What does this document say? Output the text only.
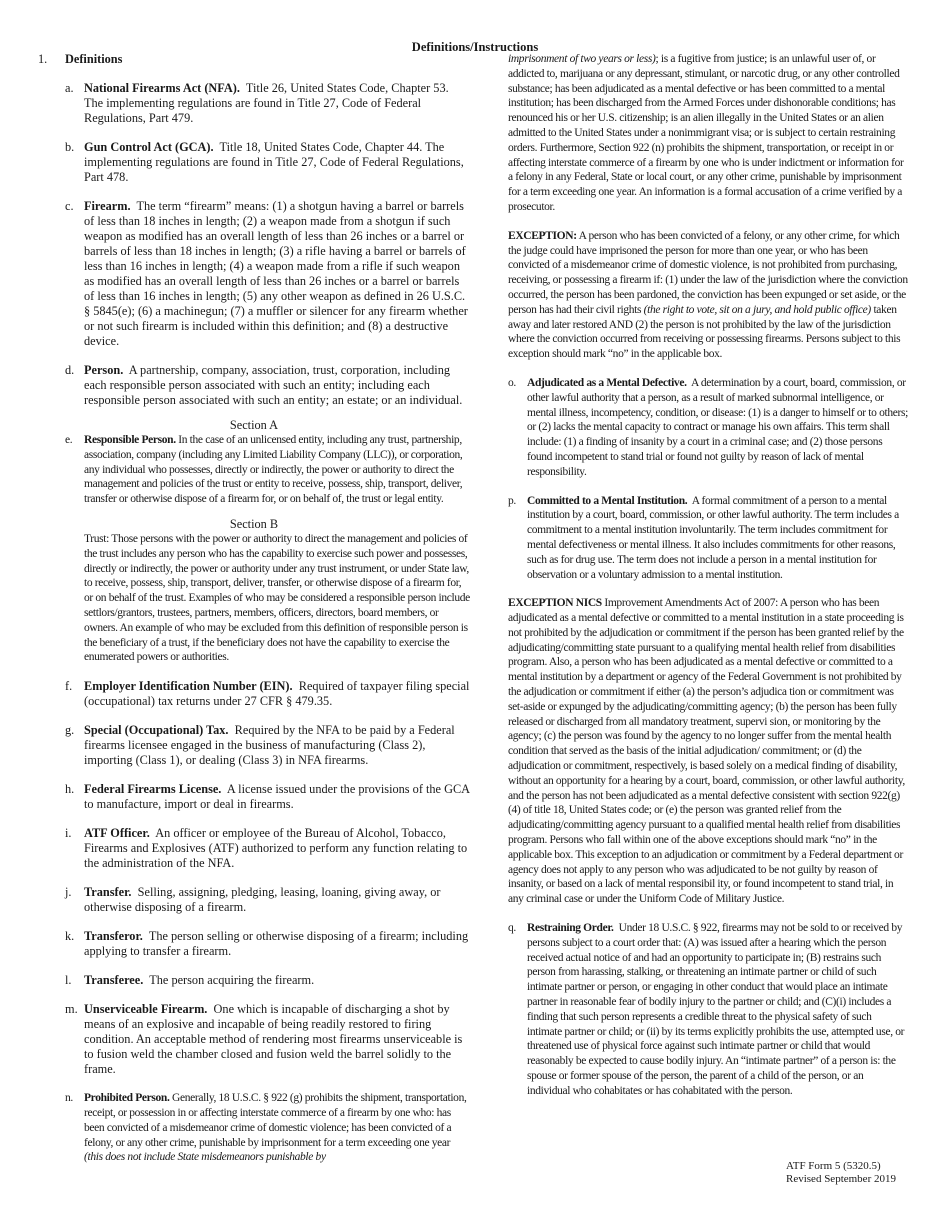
Definitions/Instructions
1.	Definitions
a. National Firearms Act (NFA). Title 26, United States Code, Chapter 53. The implementing regulations are found in Title 27, Code of Federal Regulations, Part 479.
b. Gun Control Act (GCA). Title 18, United States Code, Chapter 44. The implementing regulations are found in Title 27, Code of Federal Regulations, Part 478.
c. Firearm. The term “firearm” means: (1) a shotgun having a barrel or barrels of less than 18 inches in length; (2) a weapon made from a shotgun if such weapon as modified has an overall length of less than 26 inches or a barrel or barrels of less than 18 inches in length; (3) a rifle having a barrel or barrels of less than 16 inches in length; (4) a weapon made from a rifle if such weapon as modified has an overall length of less than 26 inches or a barrel or barrels of less than 16 inches in length; (5) any other weapon as defined in 26 U.S.C. § 5845(e); (6) a machinegun; (7) a muffler or silencer for any firearm whether or not such firearm is included within this definition; and (8) a destructive device.
d. Person. A partnership, company, association, trust, corporation, including each responsible person associated with such an entity; including each responsible person associated with such an entity; an estate; or an individual.

Section A

e.	Responsible Person. In the case of an unlicensed entity, including any trust, partnership, association, company (including any Limited Liability Company (LLC)), or corporation, any individual who possesses, directly or indirectly, the power or authority to direct the management and policies of the trust or entity to receive, possess, ship, transport, deliver, transfer or otherwise dispose of a firearm for, or on behalf of, the trust or legal entity.

Section B

Trust: Those persons with the power or authority to direct the management and policies of the trust includes any person who has the capability to exercise such power and possesses, directly or indirectly, the power or authority under any trust instrument, or under State law, to receive, possess, ship, transport, deliver, transfer, or otherwise dispose of a firearm for, or on behalf of the trust. Examples of who may be considered a responsible person include settlors/grantors, trustees, partners, members, officers, directors, board members, or owners. An example of who may be excluded from this definition of responsible person is the beneficiary of a trust, if the beneficiary does not have the capability to exercise the enumerated powers or authorities.
f. Employer Identification Number (EIN). Required of taxpayer filing special (occupational) tax returns under 27 CFR § 479.35.
g. Special (Occupational) Tax. Required by the NFA to be paid by a Federal firearms licensee engaged in the business of manufacturing (Class 2), importing (Class 1), or dealing (Class 3) in NFA firearms.
h. Federal Firearms License. A license issued under the provisions of the GCA to manufacture, import or deal in firearms.
i.	ATF Officer. An officer or employee of the Bureau of Alcohol, Tobacco, Firearms and Explosives (ATF) authorized to perform any function relating to the administration of the NFA.
j.	Transfer. Selling, assigning, pledging, leasing, loaning, giving away, or otherwise disposing of a firearm.
k. Transferor. The person selling or otherwise disposing of a firearm; including applying to transfer a firearm.
l.	Transferee. The person acquiring the firearm.
m. Unserviceable Firearm. One which is incapable of discharging a shot by means of an explosive and incapable of being readily restored to firing condition. An acceptable method of rendering most firearms unserviceable is to fusion weld the chamber closed and fusion weld the barrel solidly to the frame.
n. Prohibited Person. Generally, 18 U.S.C. § 922 (g) prohibits the shipment, transportation, receipt, or possession in or affecting interstate commerce of a firearm by one who: has been convicted of a misdemeanor crime of domestic violence; has been convicted of a felony, or any other crime, punishable by imprisonment for a term exceeding one year (this does not include State misdemeanors punishable by
imprisonment of two years or less); is a fugitive from justice; is an unlawful user of, or addicted to, marijuana or any depressant, stimulant, or narcotic drug, or any other controlled substance; has been adjudicated as a mental defective or has been committed to a mental institution; has been discharged from the Armed Forces under dishonorable conditions; has renounced his or her U.S. citizenship; is an alien illegally in the United States or an alien admitted to the United States under a nonimmigrant visa; or is subject to certain restraining orders. Furthermore, Section 922 (n) prohibits the shipment, transportation, or receipt in or affecting interstate commerce of a firearm by one who is under indictment or information for a felony in any Federal, State or local court, or any other crime, punishable by imprisonment for a term exceeding one year. An information is a formal accusation of a crime verified by a prosecutor.
EXCEPTION: A person who has been convicted of a felony, or any other crime, for which the judge could have imprisoned the person for more than one year, or who has been convicted of a misdemeanor crime of domestic violence, is not prohibited from purchasing, receiving, or possessing a firearm if: (1) under the law of the jurisdiction where the conviction occurred, the person has been pardoned, the conviction has been expunged or set aside, or the person has had their civil rights (the right to vote, sit on a jury, and hold public office) taken away and later restored AND (2) the person is not prohibited by the law of the jurisdiction where the conviction occurred from receiving or possessing firearms. Persons subject to this exception should mark “no” in the applicable box.
o. Adjudicated as a Mental Defective. A determination by a court, board, commission, or other lawful authority that a person, as a result of marked subnormal intelligence, or mental illness, incompetency, condition, or disease: (1) is a danger to himself or to others; or (2) lacks the mental capacity to contract or manage his own affairs. This term shall include: (1) a finding of insanity by a court in a criminal case; and (2) those persons found incompetent to stand trial or found not guilty by reason of lack of mental responsibility.
p. Committed to a Mental Institution. A formal commitment of a person to a mental institution by a court, board, commission, or other lawful authority. The term includes a commitment to a mental institution involuntarily. The term includes commitment for mental defectiveness or mental illness. It also includes commitments for other reasons, such as for drug use. The term does not include a person in a mental institution for observation or a voluntary admission to a mental institution.
EXCEPTION NICS Improvement Amendments Act of 2007: A person who has been adjudicated as a mental defective or committed to a mental institution in a state proceeding is not prohibited by the adjudication or commitment if the person has been granted relief by the adjudicating/committing state pursuant to a qualifying mental health relief from disabilities program. Also, a person who has been adjudicated as a mental defective or committed to a mental institution by a department or agency of the Federal Government is not prohibited by the adjudication or commitment if either (a) the person’s adjudica tion or commitment was set-aside or expunged by the adjudicating/committing agency; (b) the person has been fully released or discharged from all mandatory treatment, supervi sion, or monitoring by the agency; (c) the person was found by the agency to no longer suffer from the mental health condition that served as the basis of the initial adjudication/ commitment; or (d) the adjudication or commitment, respectively, is based solely on a medical finding of disability, without an opportunity for a hearing by a court, board, commission, or other lawful authority, and the person has not been adjudicated as a mental defective consistent with section 922(g)(4) of title 18, United States code; or (e) the person was granted relief from the adjudicating/committing agency pursuant to a qualified mental health relief from disabilities program. Persons who fall within one of the above exceptions should mark “no” in the applicable box. This exception to an adjudication or commitment by a Federal department or agency does not apply to any person who was adjudicated to be not guilty by reason of insanity, or based on a lack of mental responsibil ity, or found incompetent to stand trial, in any criminal case or under the Uniform Code of Military Justice.
q. Restraining Order. Under 18 U.S.C. § 922, firearms may not be sold to or received by persons subject to a court order that: (A) was issued after a hearing which the person received actual notice of and had an opportunity to participate in; (B) restrains such person from harassing, stalking, or threatening an intimate partner or child of such intimate partner or person, or engaging in other conduct that would place an intimate partner in reasonable fear of bodily injury to the partner or child; and (C)(i) includes a finding that such person represents a credible threat to the physical safety of such intimate partner or child; or (ii) by its terms explicitly prohibits the use, attempted use, or threatened use of physical force against such intimate partner or child that would reasonably be expected to cause bodily injury. An “intimate partner” of a person is: the spouse or former spouse of the person, the parent of a child of the person, or an individual who cohabitates or has cohabitated with the person.
ATF Form 5 (5320.5)
Revised September 2019
